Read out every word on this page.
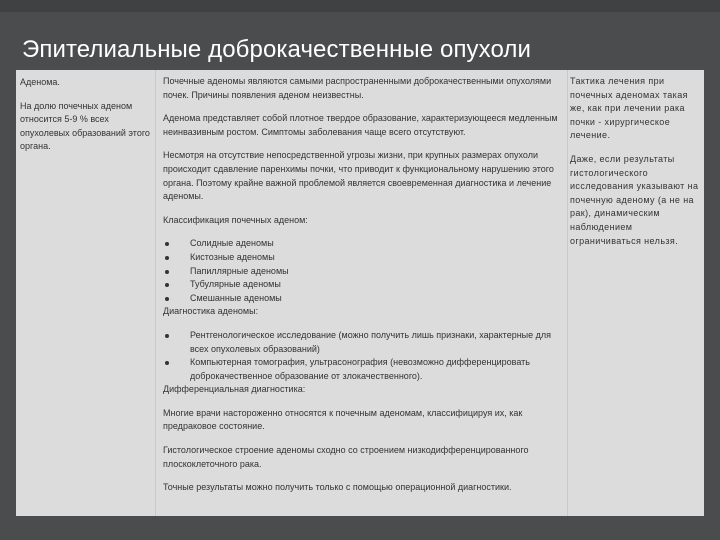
Эпителиальные доброкачественные опухоли

Аденома.

На долю почечных аденом относится 5-9 % всех опухолевых образований этого органа.

Почечные аденомы являются самыми распространенными доброкачественными опухолями почек. Причины появления аденом неизвестны.

Аденома представляет собой плотное твердое образование, характеризующееся медленным неинвазивным ростом. Симптомы заболевания чаще всего отсутствуют.

Несмотря на отсутствие непосредственной угрозы жизни, при крупных размерах опухоли происходит сдавление паренхимы почки, что приводит к функциональному нарушению этого органа. Поэтому крайне важной проблемой является своевременная диагностика и лечение аденомы.

Классификация почечных аденом:

Солидные аденомы
Кистозные аденомы
Папиллярные аденомы
Тубулярные аденомы
Смешанные аденомы

Диагностика аденомы:

Рентгенологическое исследование (можно получить лишь признаки, характерные для всех опухолевых образований)
Компьютерная томография, ультрасонография (невозможно дифференцировать доброкачественное образование от злокачественного).

Дифференциальная диагностика:

Многие врачи настороженно относятся к почечным аденомам, классифицируя их, как предраковое состояние.

Гистологическое строение аденомы сходно со строением низкодифференцированного плоскоклеточного рака.

Точные результаты можно получить только с помощью операционной диагностики.

Тактика лечения при почечных аденомах такая же, как при лечении рака почки - хирургическое лечение.

Даже, если результаты гистологического исследования указывают на почечную аденому (а не на рак), динамическим наблюдением ограничиваться нельзя.
